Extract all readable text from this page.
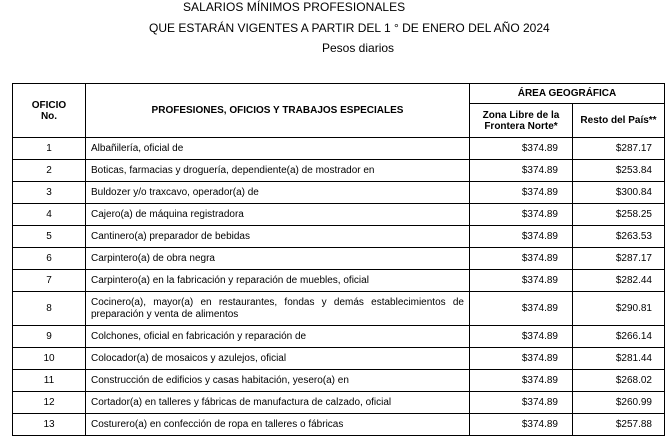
SALARIOS MÍNIMOS PROFESIONALES
QUE ESTARÁN VIGENTES A PARTIR DEL 1 ° DE ENERO DEL AÑO 2024
Pesos diarios
OFICIO
No.	PROFESIONES, OFICIOS Y TRABAJOS ESPECIALES	ÁREA GEOGRÁFICA	
		Zona Libre de la Frontera Norte*	Resto del País**
1	Albañilería, oficial de	$374.89	$287.17
2	Boticas, farmacias y droguería, dependiente(a) de mostrador en	$374.89	$253.84
3	Buldozer y/o traxcavo, operador(a) de	$374.89	$300.84
4	Cajero(a) de máquina registradora	$374.89	$258.25
5	Cantinero(a) preparador de bebidas	$374.89	$263.53
6	Carpintero(a) de obra negra	$374.89	$287.17
7	Carpintero(a) en la fabricación y reparación de muebles, oficial	$374.89	$282.44
8	Cocinero(a), mayor(a) en restaurantes, fondas y demás establecimientos de preparación y venta de alimentos	$374.89	$290.81
9	Colchones, oficial en fabricación y reparación de	$374.89	$266.14
10	Colocador(a) de mosaicos y azulejos, oficial	$374.89	$281.44
11	Construcción de edificios y casas habitación, yesero(a) en	$374.89	$268.02
12	Cortador(a) en talleres y fábricas de manufactura de calzado, oficial	$374.89	$260.99
13	Costurero(a) en confección de ropa en talleres o fábricas	$374.89	$257.88
